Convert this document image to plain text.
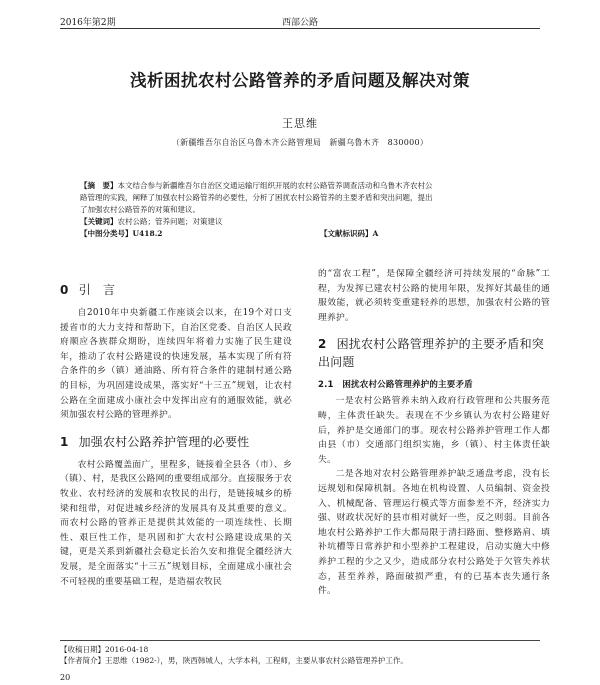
2016年第2期	西部公路
浅析困扰农村公路管养的矛盾问题及解决对策
王思维
（新疆维吾尔自治区乌鲁木齐公路管理局　新疆乌鲁木齐　830000）
【摘　要】本文结合参与新疆维吾尔自治区交通运输厅组织开展的农村公路管养调查活动和乌鲁木齐农村公
路管理的实践，阐释了加强农村公路管养的必要性，分析了困扰农村公路管养的主要矛盾和突出问题，提出
了加强农村公路管养的对策和建议。
【关键词】农村公路；管养问题；对策建议
【中图分类号】U418.2	【文献标识码】A
0 引　言

自2010年中央新疆工作座谈会以来，在19个对口支援省市的大力支持和帮助下，自治区党委、自治区人民政府顺应各族群众期盼，连续四年将着力实施了民生建设年，推动了农村公路建设的快速发展，基本实现了所有符合条件的乡（镇）通油路、所有符合条件的建制村通公路的目标，为巩固建设成果，落实好“十三五”规划，让农村公路在全面建成小康社会中发挥出应有的通服效能，就必须加强农村公路的管理养护。

1 加强农村公路养护管理的必要性

农村公路覆盖面广，里程多，链接着全县各（市）、乡（镇）、村，是我区公路网的重要组成部分。直接服务于农牧业、农村经济的发展和农牧民的出行，是链接城乡的桥梁和纽带，对促进城乡经济的发展具有及其重要的意义。而农村公路的管养正是提供其效能的一项连续性、长期性、艰巨性工作，是巩固和扩大农村公路建设成果的关键，更是关系到新疆社会稳定长治久安和推促全疆经济大发展，是全面落实“十三五”规划目标，全面建成小康社会不可轻视的重要基础工程，是造福农牧民

的“富农工程”，是保障全疆经济可持续发展的“命脉”工程，为发挥已建农村公路的使用年限，发挥好其最佳的通服效能，就必须转变重建轻养的思想，加强农村公路的管理养护。

2 困扰农村公路管理养护的主要矛盾和突出问题
2.1　困扰农村公路管理养护的主要矛盾

一是农村公路管养未纳入政府行政管理和公共服务范畴，主体责任缺失。表现在不少乡镇认为农村公路建好后，养护是交通部门的事。现农村公路养护管理工作人都由县（市）交通部门组织实施，乡（镇）、村主体责任缺失。

二是各地对农村公路管理养护缺乏通盘考虑，没有长远规划和保障机制。各地在机构设置、人员编制、资金投入、机械配备、管理运行模式等方面参差不齐，经济实力强、财政状况好的县市相对就好一些，反之则弱。目前各地农村公路养护工作大都局限于清扫路面、整修路肩、填补坑槽等日常养护和小型养护工程建设，启动实施大中修养护工程的少之又少，造成部分农村公路处于欠管失养状态，甚至养养，路面破损严重，有的已基本丧失通行条件。

【收稿日期】2016-04-18
【作者简介】王思维（1982-），男，陕西韩城人，大学本科，工程师，主要从事农村公路管理养护工作。
20
